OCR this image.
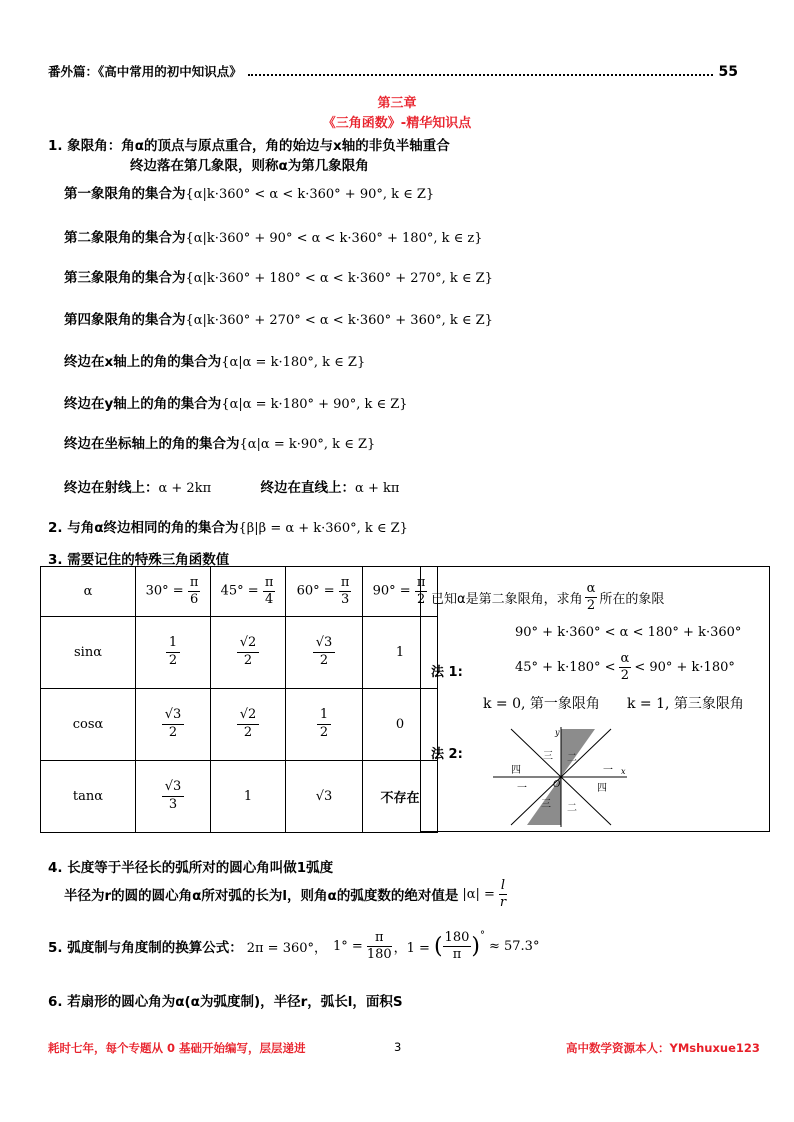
番外篇：《高中常用的初中知识点》	55
第三章
《三角函数》-精华知识点
1. 象限角：角α的顶点与原点重合，角的始边与x轴的非负半轴重合
终边落在第几象限，则称α为第几象限角
第一象限角的集合为{α|k·360° < α < k·360° + 90°, k ∈ Z}
第二象限角的集合为{α|k·360° + 90° < α < k·360° + 180°, k ∈ z}
第三象限角的集合为{α|k·360° + 180° < α < k·360° + 270°, k ∈ Z}
第四象限角的集合为{α|k·360° + 270° < α < k·360° + 360°, k ∈ Z}
终边在x轴上的角的集合为{α|α = k·180°, k ∈ Z}
终边在y轴上的角的集合为{α|α = k·180° + 90°, k ∈ Z}
终边在坐标轴上的角的集合为{α|α = k·90°, k ∈ Z}
终边在射线上：α + 2kπ	终边在直线上：α + kπ
2. 与角α终边相同的角的集合为{β|β = α + k·360°, k ∈ Z}
3. 需要记住的特殊三角函数值
α	$30^\circ = \frac{\pi}{6}$	$45^\circ = \frac{\pi}{4}$	$60^\circ = \frac{\pi}{3}$	$90^\circ = \frac{\pi}{2}$

sinα	$\frac{1}{2}$	$\frac{√2}{2}$	$\frac{√3}{2}$	1
cosα	$\frac{√3}{2}$	$\frac{√2}{2}$	$\frac{1}{2}$	0
tanα	$\frac{√3}{3}$	1	√3	不存在
已知α是第二象限角，求角
α
2 所在的象限
90° + k·360° < α < 180° + k·360°
法 1:	45° + k·180° <
α
2
< 90° + k·180°
k = 0, 第一象限角 k = 1, 第三象限角
法 2:
y
x
O
三 二
一
四
一	四
三 二
4. 长度等于半径长的弧所对的圆心角叫做1弧度
半径为r的圆的圆心角α所对弧的长为l，则角α的弧度数的绝对值是 $|\alpha| = \frac{l}{r}$
5. 弧度制与角度制的换算公式： 2π = 360°， $1^\circ = \frac{\pi}{180}$ ，1 = ( 180
π ) °
≈ 57.3°
6. 若扇形的圆心角为α(α为弧度制)，半径r，弧长l，面积S
耗时七年，每个专题从 0 基础开始编写，层层递进	3	高中数学资源本人：YMshuxue123
